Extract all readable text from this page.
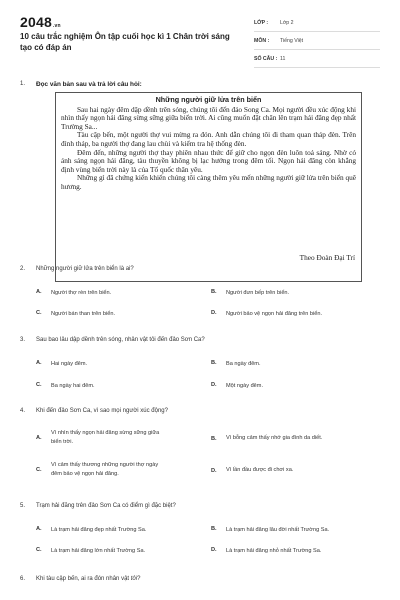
2048.vn
10 câu trắc nghiệm Ôn tập cuối học kì 1 Chân trời sáng tạo có đáp án
LỚP :	Lớp 2
MÔN :	Tiếng Việt
SỐ CÂU : 11
1. Đọc văn bản sau và trả lời câu hỏi:
Những người giữ lửa trên biển
Sau hai ngày đêm dập dềnh trên sóng, chúng tôi đến đảo Song Ca. Mọi người đều xúc động khi nhìn thấy ngọn hải đăng sừng sững giữa biển trời. Ai cũng muốn đặt chân lên trạm hải đăng đẹp nhất Trường Sa...
Tàu cập bến, một người thợ vui mừng ra đón. Anh dẫn chúng tôi đi tham quan tháp đèn. Trên đỉnh tháp, ba người thợ đang lau chùi và kiểm tra hệ thống đèn.
Đêm đến, những người thợ thay phiên nhau thức để giữ cho ngọn đèn luôn toả sáng. Nhờ có ánh sáng ngọn hải đăng, tàu thuyền không bị lạc hướng trong đêm tối. Ngọn hải đăng còn khẳng định vùng biển trời này là của Tổ quốc thân yêu.
Những gì đã chứng kiến khiến chúng tôi càng thêm yêu mến những người giữ lửa trên biển quê hương.
Theo Đoàn Đại Trí
2. Những người giữ lửa trên biển là ai?
A.	Người thợ rèn trên biển.	B.	Người đưn bếp trên biển.
C.	Người bán than trên biển.	D.	Người bảo vệ ngọn hải đăng trên biển.
3. Sau bao lâu dập dềnh trên sóng, nhân vật tôi đến đảo Sơn Ca?
A.	Hai ngày đêm.	B.	Ba ngày đêm.
C.	Ba ngày hai đêm.	D.	Một ngày đêm.
4. Khi đến đảo Sơn Ca, vì sao mọi người xúc động?
A.
Vì nhìn thấy ngọn hải đăng sừng sững giữa
biển trời.
B.	Vì bỗng cảm thấy nhớ gia đình da diết.
C.
Vì cảm thấy thương những người thợ ngày
đêm bảo vệ ngọn hải đăng.
D.	Vì lần đầu được đi chơi xa.
5. Trạm hải đăng trên đảo Sơn Ca có điểm gì đặc biệt?
A.	Là trạm hải đăng đẹp nhất Trường Sa.	B.	Là trạm hải đăng lâu đời nhất Trường Sa.
C.	Là trạm hải đăng lớn nhất Trường Sa.	D.	Là trạm hải đăng nhỏ nhất Trường Sa.
6. Khi tàu cập bến, ai ra đón nhân vật tôi?
